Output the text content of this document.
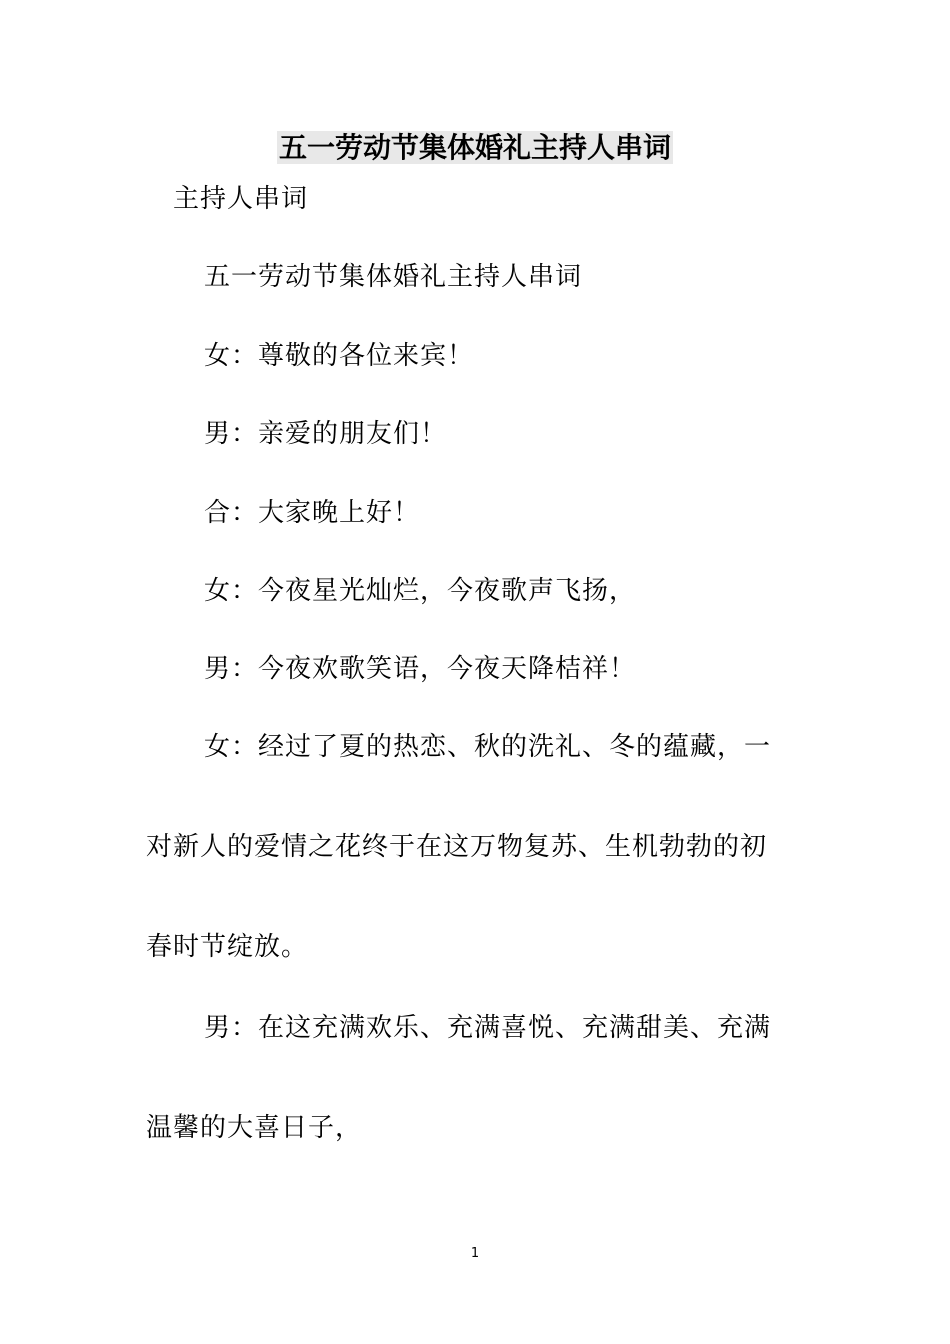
五一劳动节集体婚礼主持人串词
主持人串词
五一劳动节集体婚礼主持人串词
女：尊敬的各位来宾！
男：亲爱的朋友们！
合：大家晚上好！
女：今夜星光灿烂，今夜歌声飞扬，
男：今夜欢歌笑语，今夜天降桔祥！
女：经过了夏的热恋、秋的洗礼、冬的蕴藏，一
对新人的爱情之花终于在这万物复苏、生机勃勃的初
春时节绽放。
男：在这充满欢乐、充满喜悦、充满甜美、充满
温馨的大喜日子，
1
